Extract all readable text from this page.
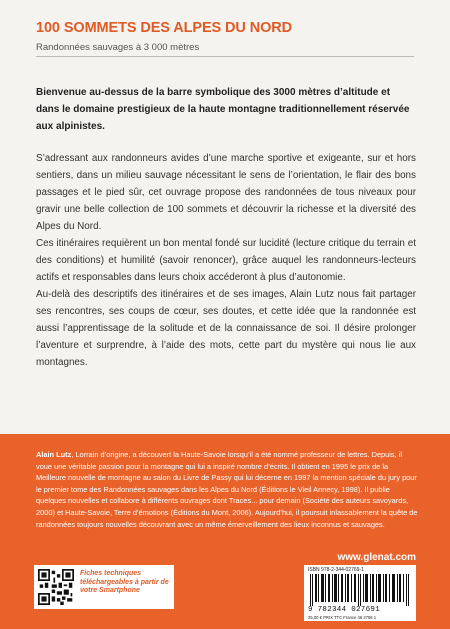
100 SOMMETS DES ALPES DU NORD
Randonnées sauvages à 3 000 mètres
Bienvenue au-dessus de la barre symbolique des 3000 mètres d’altitude et dans le domaine prestigieux de la haute montagne traditionnellement réservée aux alpinistes.

S’adressant aux randonneurs avides d’une marche sportive et exigeante, sur et hors sentiers, dans un milieu sauvage nécessitant le sens de l’orientation, le flair des bons passages et le pied sûr, cet ouvrage propose des randonnées de tous niveaux pour gravir une belle collection de 100 sommets et découvrir la richesse et la diversité des Alpes du Nord.

Ces itinéraires requièrent un bon mental fondé sur lucidité (lecture critique du terrain et des conditions) et humilité (savoir renoncer), grâce auquel les randonneurs-lecteurs actifs et responsables dans leurs choix accéderont à plus d’autonomie.

Au-delà des descriptifs des itinéraires et de ses images, Alain Lutz nous fait partager ses rencontres, ses coups de cœur, ses doutes, et cette idée que la randonnée est aussi l’apprentissage de la solitude et de la connaissance de soi. Il désire prolonger l’aventure et surprendre, à l’aide des mots, cette part du mystère qui nous lie aux montagnes.

Alain Lutz, Lorrain d’origine, a découvert la Haute-Savoie lorsqu’il a été nommé professeur de lettres. Depuis, il voue une véritable passion pour la montagne qui lui a inspiré nombre d’écrits. Il obtient en 1995 le prix de la Meilleure nouvelle de montagne au salon du Livre de Passy qui lui décerne en 1997 la mention spéciale du jury pour le premier tome des Randonnées sauvages dans les Alpes du Nord (Éditions le Vieil Annecy, 1998). Il publie quelques nouvelles et collabore à différents ouvrages dont Traces... pour demain (Société des auteurs savoyards, 2000) et Haute-Savoie, Terre d’émotions (Éditions du Mont, 2006). Aujourd’hui, il poursuit inlassablement la quête de randonnées toujours nouvelles découvrant avec un même émerveillement des lieux inconnus et sauvages.
www.glenat.com
Fiches techniques téléchargeables à partir de votre Smartphone
ISBN 978-2-344-02769-1
9 782344 027691
25,00 € PRIX TTC France 46 2756 1
